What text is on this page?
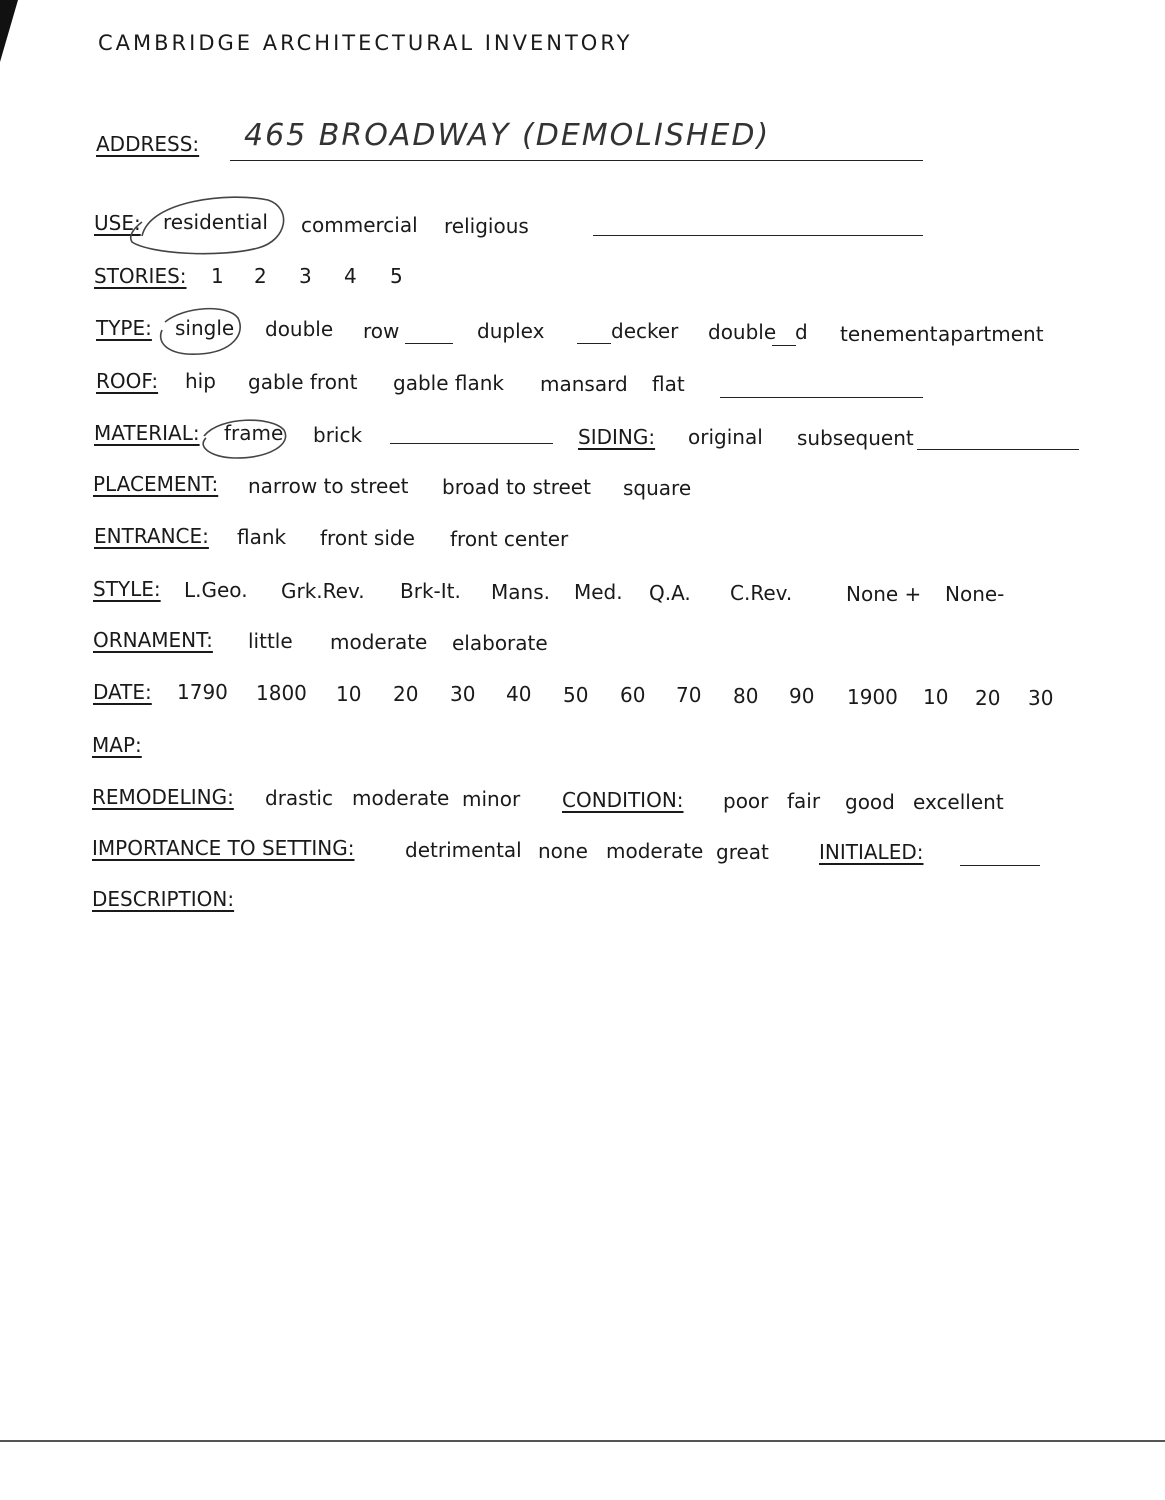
CAMBRIDGE ARCHITECTURAL INVENTORY
ADDRESS: 465 BROADWAY (DEMOLISHED)
USE: residential commercial religious
STORIES: 1 2 3 4 5
TYPE: single double row	duplex	decker double d tenement apartment
ROOF: hip gable front gable flank mansard flat
MATERIAL: frame brick	SIDING: original subsequent
PLACEMENT: narrow to street broad to street square
ENTRANCE: flank front side front center
STYLE: L.Geo. Grk.Rev. Brk-It. Mans. Med. Q.A. C.Rev.	None + None-
ORNAMENT: little moderate elaborate
DATE: 1790 1800 10 20 30 40 50 60 70 80 90 1900 10 20 30
MAP:
REMODELING: drastic moderate minor CONDITION: poor fair good excellent
IMPORTANCE TO SETTING:	detrimental none moderate great	INITIALED:
DESCRIPTION:
